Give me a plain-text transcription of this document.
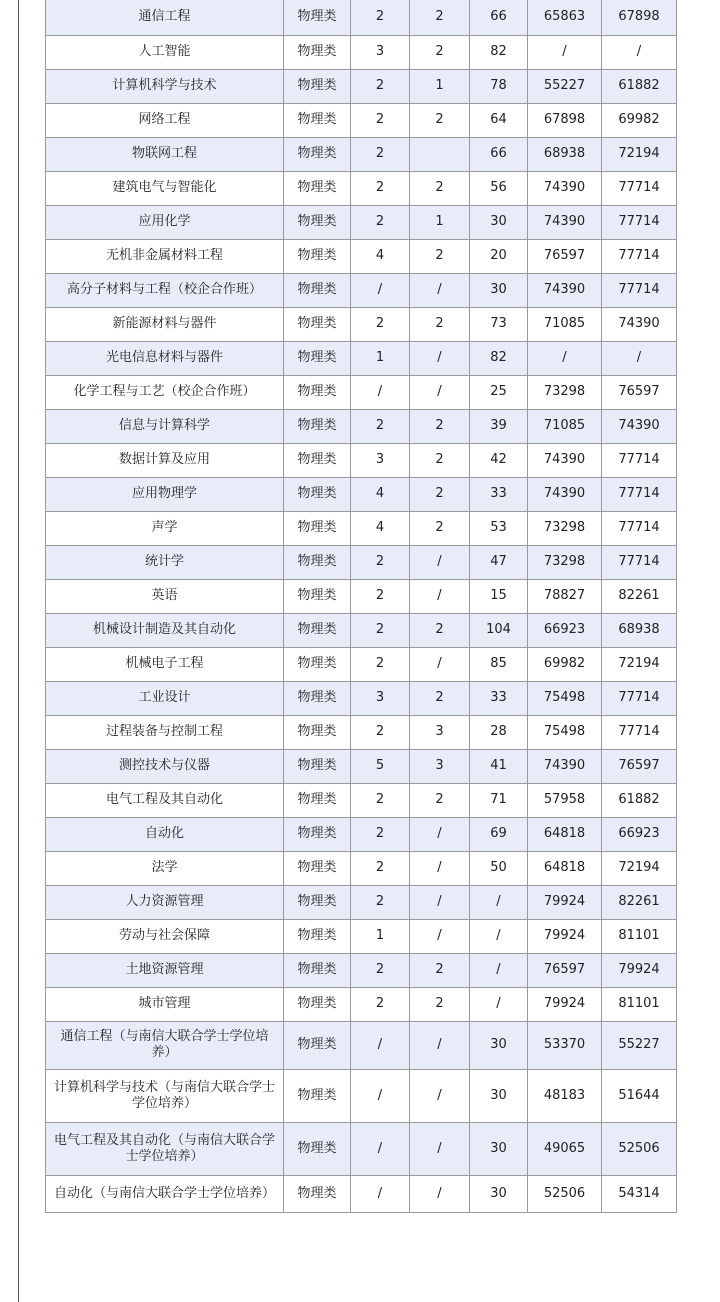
通信工程	物理类	2	2	66	65863	67898
人工智能	物理类	3	2	82	/	/
计算机科学与技术	物理类	2	1	78	55227	61882
网络工程	物理类	2	2	64	67898	69982
物联网工程	物理类	2		66	68938	72194
建筑电气与智能化	物理类	2	2	56	74390	77714
应用化学	物理类	2	1	30	74390	77714
无机非金属材料工程	物理类	4	2	20	76597	77714
高分子材料与工程（校企合作班）	物理类	/	/	30	74390	77714
新能源材料与器件	物理类	2	2	73	71085	74390
光电信息材料与器件	物理类	1	/	82	/	/
化学工程与工艺（校企合作班）	物理类	/	/	25	73298	76597
信息与计算科学	物理类	2	2	39	71085	74390
数据计算及应用	物理类	3	2	42	74390	77714
应用物理学	物理类	4	2	33	74390	77714
声学	物理类	4	2	53	73298	77714
统计学	物理类	2	/	47	73298	77714
英语	物理类	2	/	15	78827	82261
机械设计制造及其自动化	物理类	2	2	104	66923	68938
机械电子工程	物理类	2	/	85	69982	72194
工业设计	物理类	3	2	33	75498	77714
过程装备与控制工程	物理类	2	3	28	75498	77714
测控技术与仪器	物理类	5	3	41	74390	76597
电气工程及其自动化	物理类	2	2	71	57958	61882
自动化	物理类	2	/	69	64818	66923
法学	物理类	2	/	50	64818	72194
人力资源管理	物理类	2	/	/	79924	82261
劳动与社会保障	物理类	1	/	/	79924	81101
土地资源管理	物理类	2	2	/	76597	79924
城市管理	物理类	2	2	/	79924	81101
通信工程（与南信大联合学士学位培养）	物理类	/	/	30	53370	55227
计算机科学与技术（与南信大联合学士学位培养）	物理类	/	/	30	48183	51644
电气工程及其自动化（与南信大联合学士学位培养）	物理类	/	/	30	49065	52506
自动化（与南信大联合学士学位培养）	物理类	/	/	30	52506	54314
